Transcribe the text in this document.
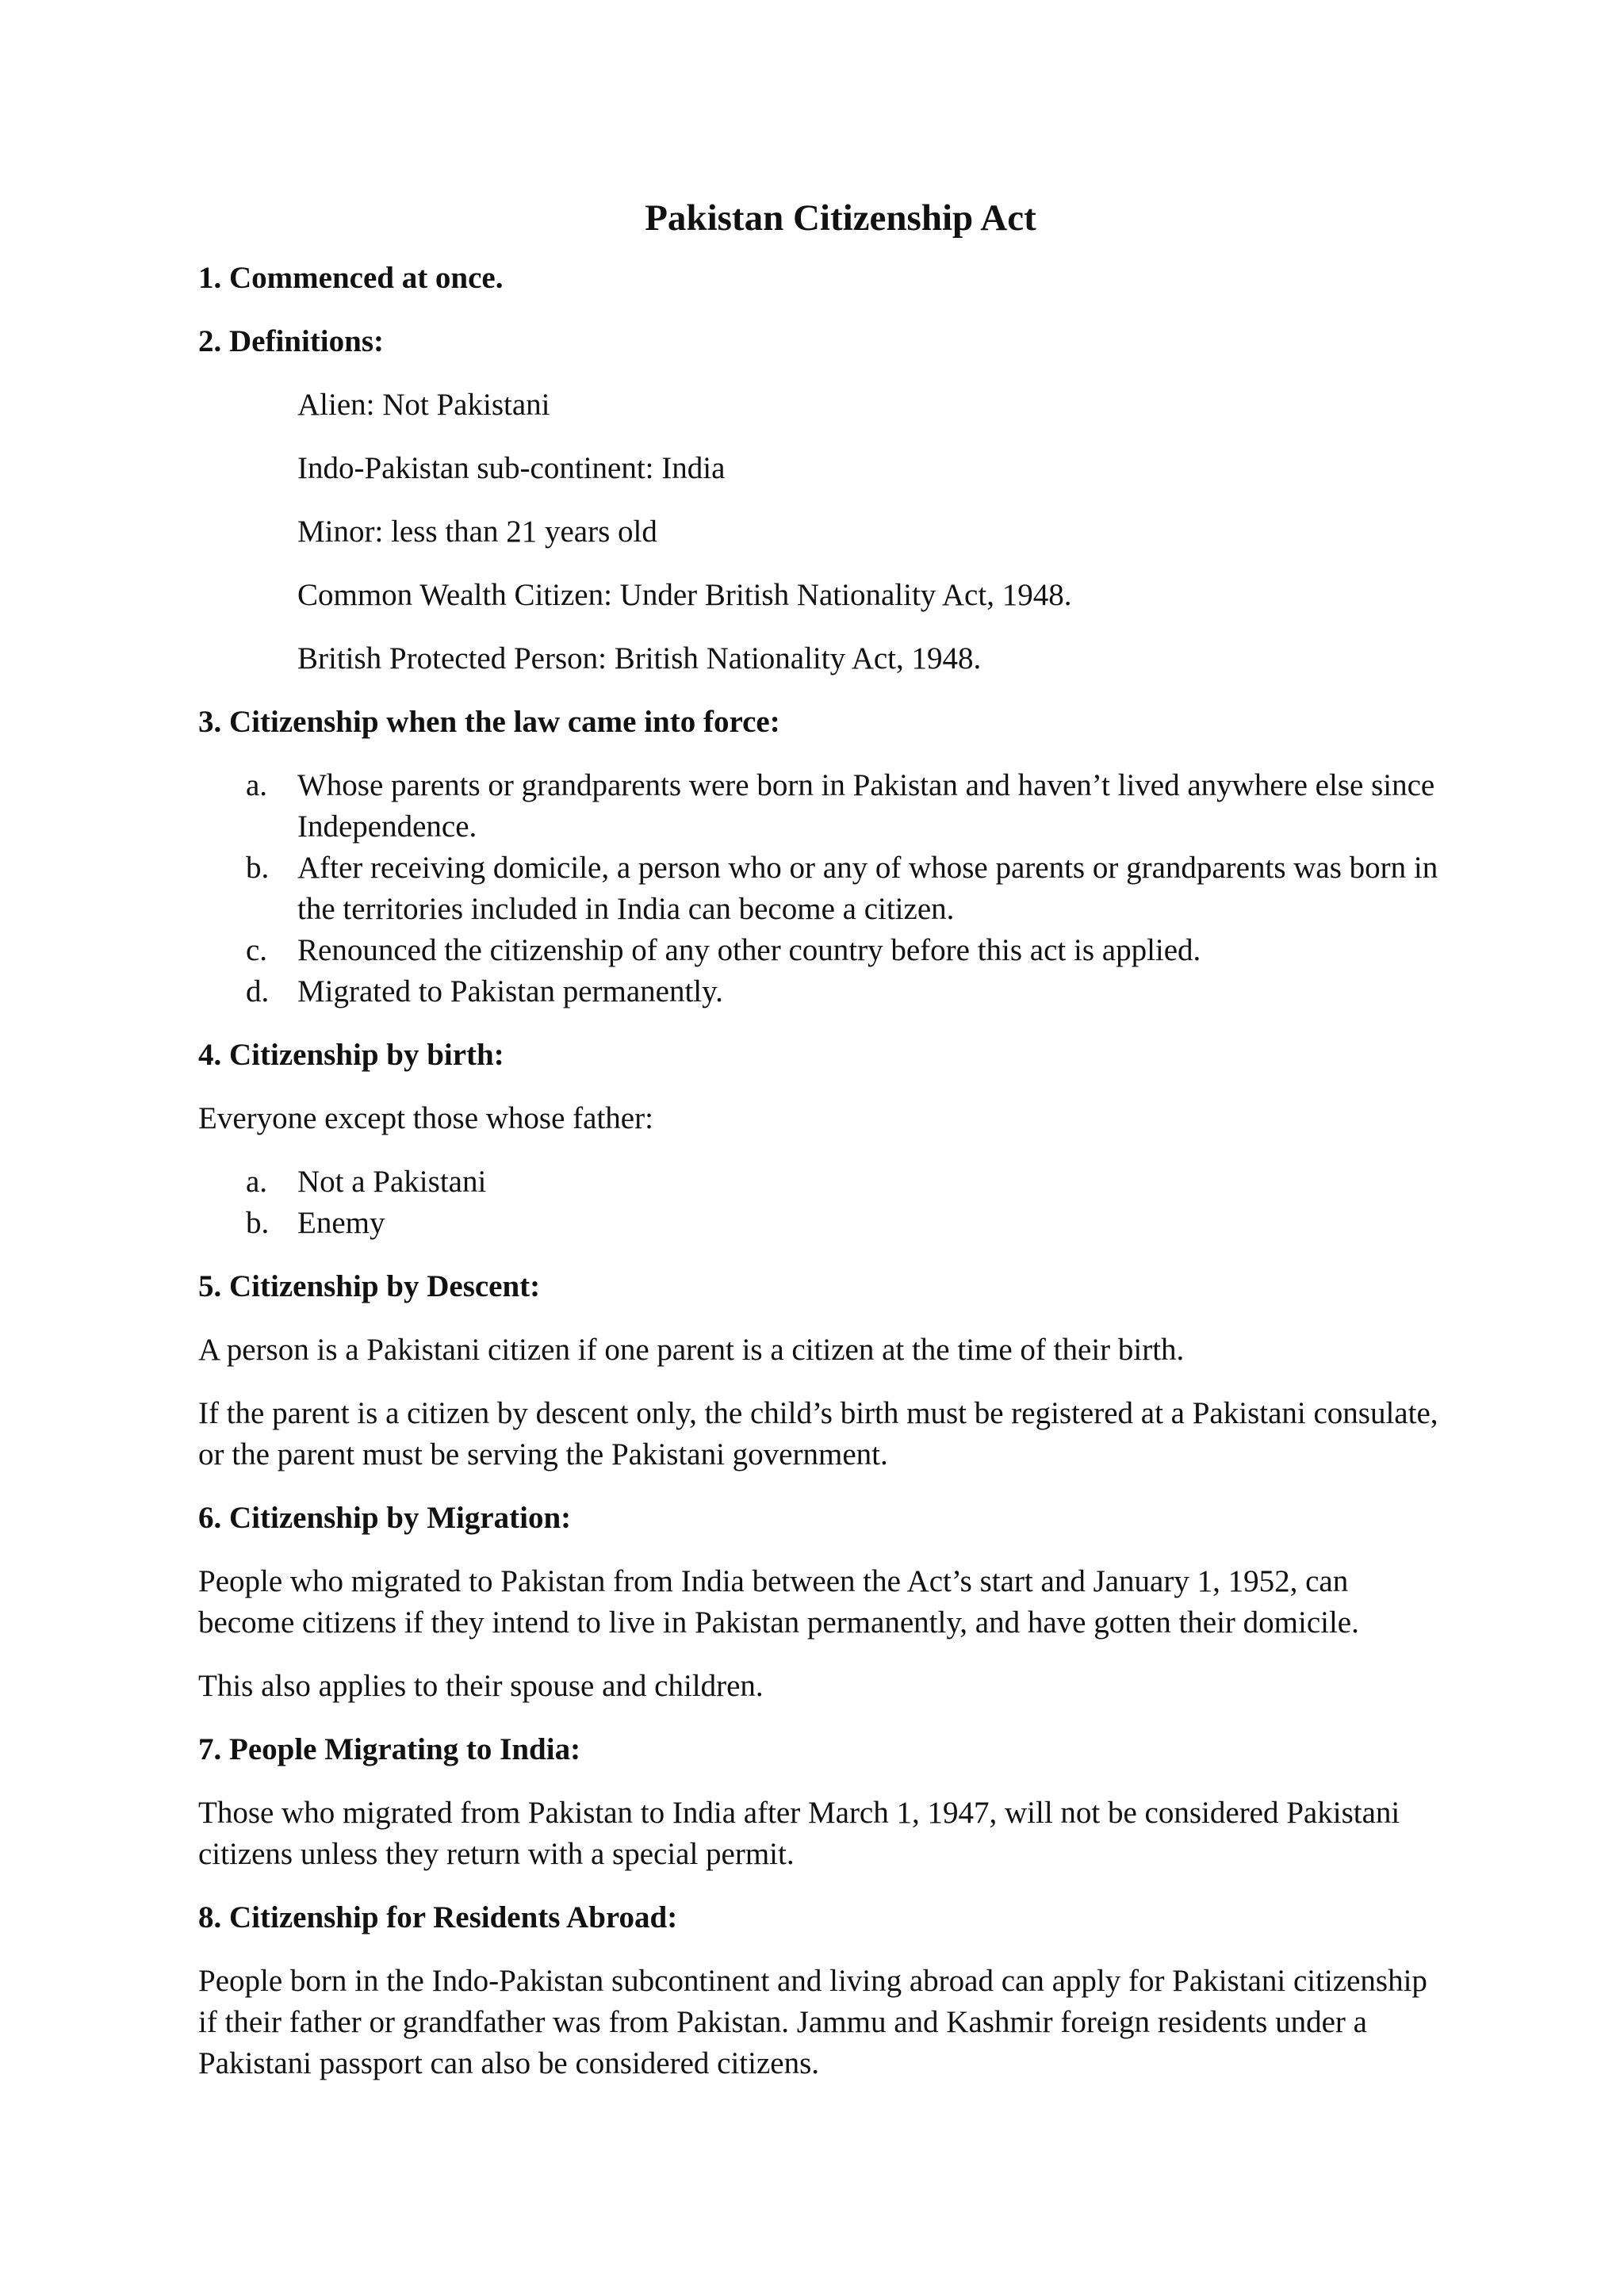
Pakistan Citizenship Act
1. Commenced at once.
2. Definitions:
Alien: Not Pakistani
Indo-Pakistan sub-continent: India
Minor: less than 21 years old
Common Wealth Citizen: Under British Nationality Act, 1948.
British Protected Person: British Nationality Act, 1948.
3. Citizenship when the law came into force:
a. Whose parents or grandparents were born in Pakistan and haven’t lived anywhere else since Independence.
b. After receiving domicile, a person who or any of whose parents or grandparents was born in the territories included in India can become a citizen.
c. Renounced the citizenship of any other country before this act is applied.
d. Migrated to Pakistan permanently.
4. Citizenship by birth:
Everyone except those whose father:
a. Not a Pakistani
b. Enemy
5. Citizenship by Descent:
A person is a Pakistani citizen if one parent is a citizen at the time of their birth.
If the parent is a citizen by descent only, the child’s birth must be registered at a Pakistani consulate, or the parent must be serving the Pakistani government.
6. Citizenship by Migration:
People who migrated to Pakistan from India between the Act’s start and January 1, 1952, can become citizens if they intend to live in Pakistan permanently, and have gotten their domicile.
This also applies to their spouse and children.
7. People Migrating to India:
Those who migrated from Pakistan to India after March 1, 1947, will not be considered Pakistani citizens unless they return with a special permit.
8. Citizenship for Residents Abroad:
People born in the Indo-Pakistan subcontinent and living abroad can apply for Pakistani citizenship if their father or grandfather was from Pakistan. Jammu and Kashmir foreign residents under a Pakistani passport can also be considered citizens.
